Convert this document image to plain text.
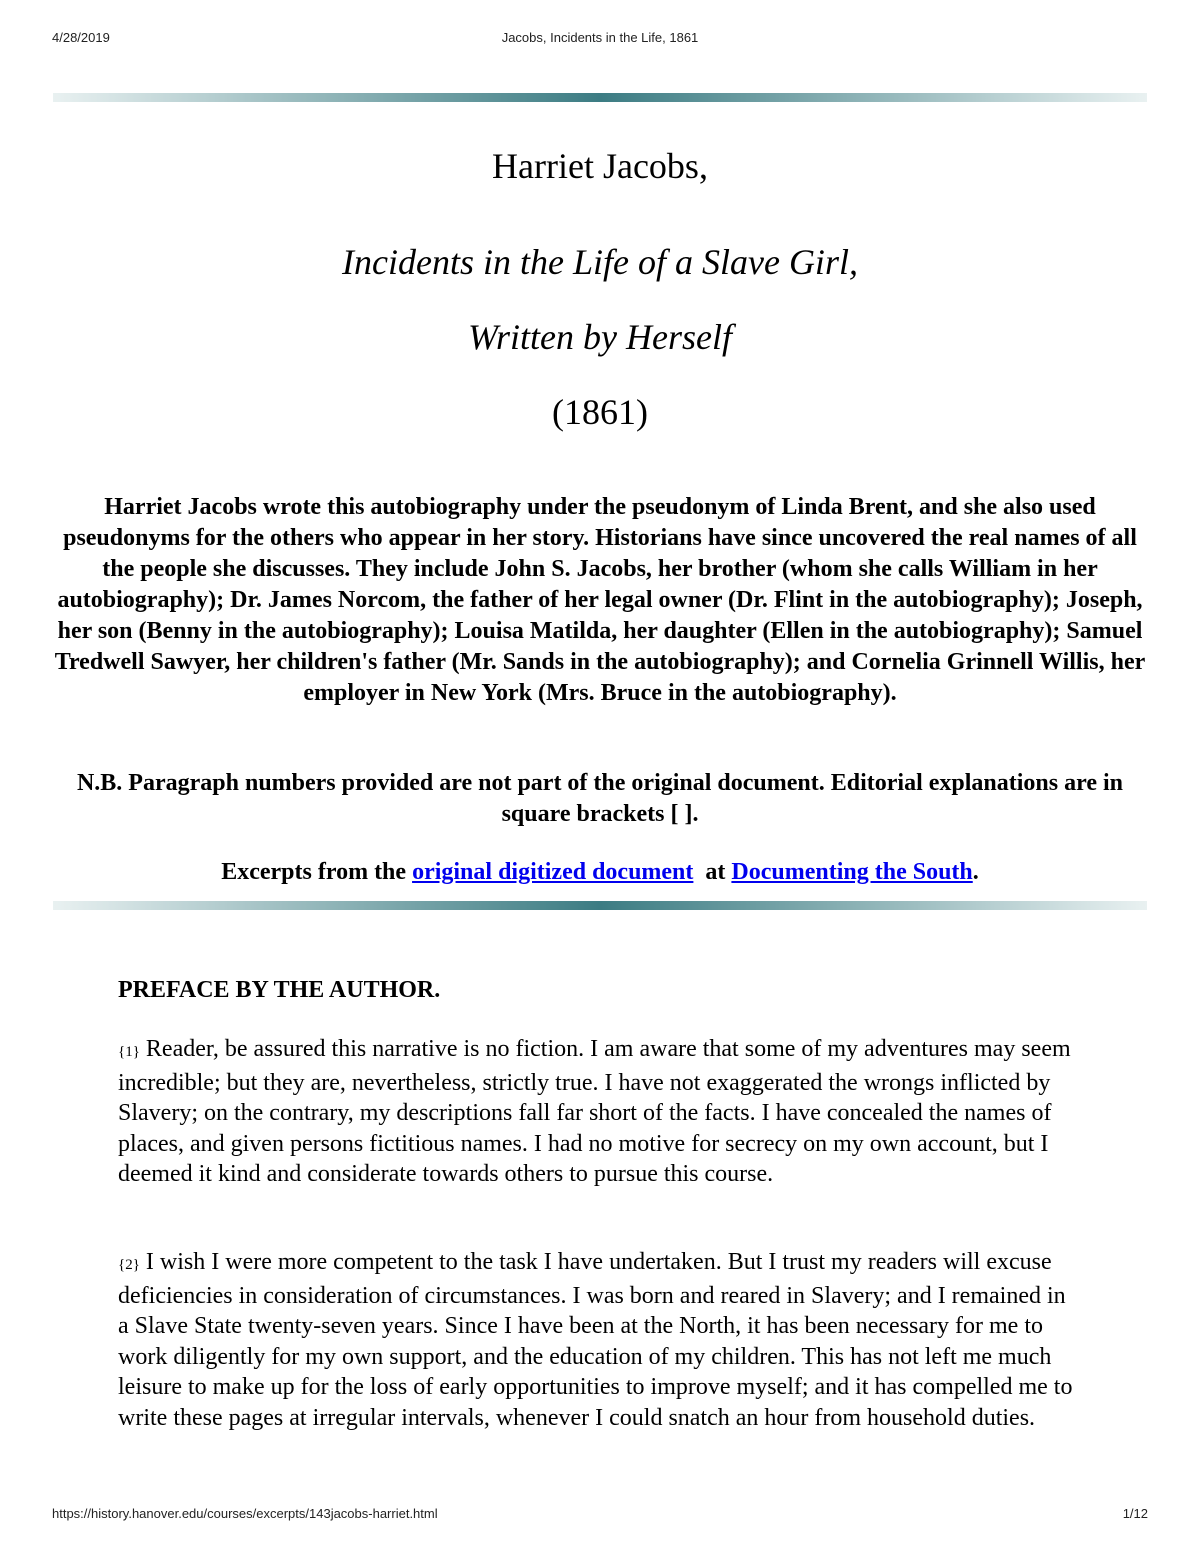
4/28/2019	Jacobs, Incidents in the Life, 1861
Harriet Jacobs,
Incidents in the Life of a Slave Girl,
Written by Herself
(1861)
Harriet Jacobs wrote this autobiography under the pseudonym of Linda Brent, and she also used pseudonyms for the others who appear in her story. Historians have since uncovered the real names of all the people she discusses. They include John S. Jacobs, her brother (whom she calls William in her autobiography); Dr. James Norcom, the father of her legal owner (Dr. Flint in the autobiography); Joseph, her son (Benny in the autobiography); Louisa Matilda, her daughter (Ellen in the autobiography); Samuel Tredwell Sawyer, her children's father (Mr. Sands in the autobiography); and Cornelia Grinnell Willis, her employer in New York (Mrs. Bruce in the autobiography).
N.B. Paragraph numbers provided are not part of the original document. Editorial explanations are in square brackets [ ].
Excerpts from the original digitized document  at Documenting the South.
PREFACE BY THE AUTHOR.
{1} Reader, be assured this narrative is no fiction. I am aware that some of my adventures may seem incredible; but they are, nevertheless, strictly true. I have not exaggerated the wrongs inflicted by Slavery; on the contrary, my descriptions fall far short of the facts. I have concealed the names of places, and given persons fictitious names. I had no motive for secrecy on my own account, but I deemed it kind and considerate towards others to pursue this course.
{2} I wish I were more competent to the task I have undertaken. But I trust my readers will excuse deficiencies in consideration of circumstances. I was born and reared in Slavery; and I remained in a Slave State twenty-seven years. Since I have been at the North, it has been necessary for me to work diligently for my own support, and the education of my children. This has not left me much leisure to make up for the loss of early opportunities to improve myself; and it has compelled me to write these pages at irregular intervals, whenever I could snatch an hour from household duties.
https://history.hanover.edu/courses/excerpts/143jacobs-harriet.html	1/12
